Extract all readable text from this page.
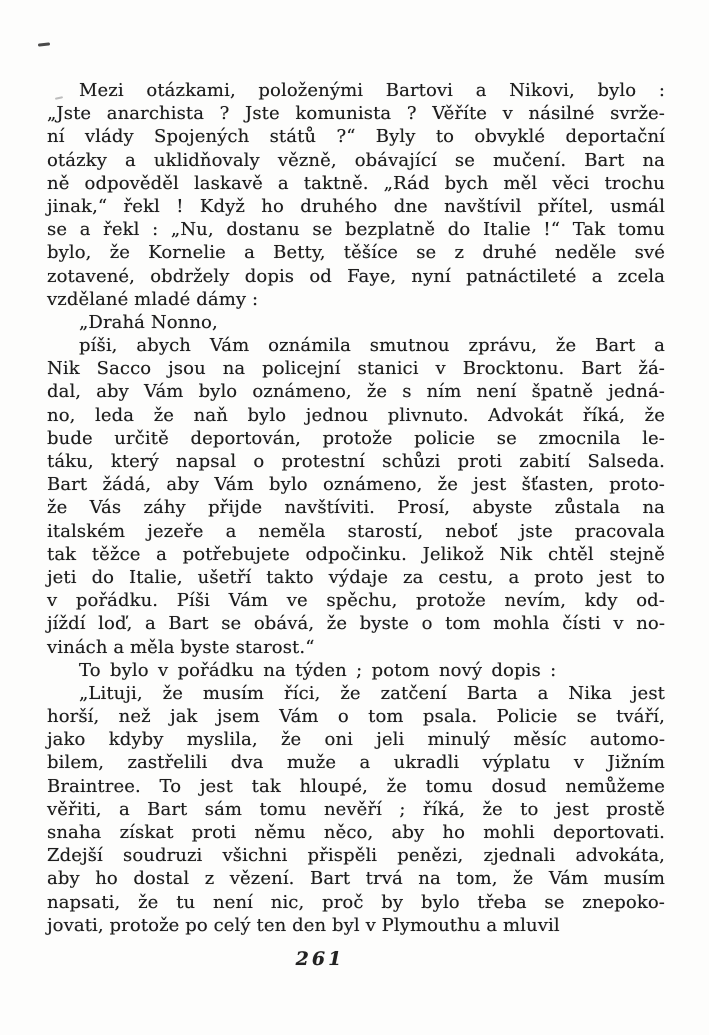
Mezi otázkami, položenými Bartovi a Nikovi, bylo :
„Jste anarchista ? Jste komunista ? Věříte v násilné svrže-
ní vlády Spojených států ?“ Byly to obvyklé deportační
otázky a uklidňovaly vězně, obávající se mučení. Bart na
ně odpověděl laskavě a taktně. „Rád bych měl věci trochu
jinak,“ řekl ! Když ho druhého dne navštívil přítel, usmál
se a řekl : „Nu, dostanu se bezplatně do Italie !“ Tak tomu
bylo, že Kornelie a Betty, těšíce se z druhé neděle své
zotavené, obdržely dopis od Faye, nyní patnáctileté a zcela
vzdělané mladé dámy :
„Drahá Nonno,
píši, abych Vám oznámila smutnou zprávu, že Bart a
Nik Sacco jsou na policejní stanici v Brocktonu. Bart žá-
dal, aby Vám bylo oznámeno, že s ním není špatně jedná-
no, leda že naň bylo jednou plivnuto. Advokát říká, že
bude určitě deportován, protože policie se zmocnila le-
táku, který napsal o protestní schůzi proti zabití Salseda.
Bart žádá, aby Vám bylo oznámeno, že jest šťasten, proto-
že Vás záhy přijde navštíviti. Prosí, abyste zůstala na
italském jezeře a neměla starostí, neboť jste pracovala
tak těžce a potřebujete odpočinku. Jelikož Nik chtěl stejně
jeti do Italie, ušetří takto výdaje za cestu, a proto jest to
v pořádku. Píši Vám ve spěchu, protože nevím, kdy od-
jíždí loď, a Bart se obává, že byste o tom mohla čísti v no-
vinách a měla byste starost.“
To bylo v pořádku na týden ; potom nový dopis :
„Lituji, že musím říci, že zatčení Barta a Nika jest
horší, než jak jsem Vám o tom psala. Policie se tváří,
jako kdyby myslila, že oni jeli minulý měsíc automo-
bilem, zastřelili dva muže a ukradli výplatu v Jižním
Braintree. To jest tak hloupé, že tomu dosud nemůžeme
věřiti, a Bart sám tomu nevěří ; říká, že to jest prostě
snaha získat proti němu něco, aby ho mohli deportovati.
Zdejší soudruzi všichni přispěli penězi, zjednali advokáta,
aby ho dostal z vězení. Bart trvá na tom, že Vám musím
napsati, že tu není nic, proč by bylo třeba se znepoko-
jovati, protože po celý ten den byl v Plymouthu a mluvil
261
